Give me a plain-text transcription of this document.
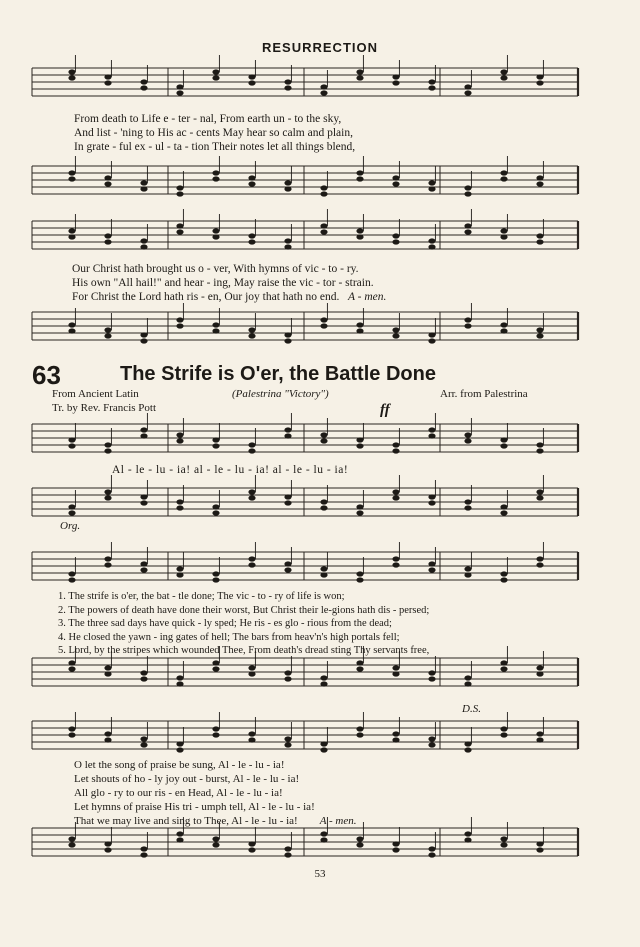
RESURRECTION
From death to Life e - ter - nal, From earth un - to the sky,
And list - 'ning to His ac - cents May hear so calm and plain,
In grate - ful ex - ul - ta - tion Their notes let all things blend,
Our Christ hath brought us o - ver, With hymns of vic - to - ry.
His own "All hail!" and hear - ing, May raise the vic - tor - strain.
For Christ the Lord hath ris - en, Our joy that hath no end. A - men.
63	The Strife is O'er, the Battle Done
From Ancient Latin
Tr. by Rev. Francis Pott
(Palestrina "Victory")
ff
Arr. from Palestrina
Al - le - lu - ia! al - le - lu - ia! al - le - lu - ia!
Org.
1. The strife is o'er, the bat - tle done; The vic - to - ry of life is won;
2. The powers of death have done their worst, But Christ their le-gions hath dis - persed;
3. The three sad days have quick - ly sped; He ris - es glo - rious from the dead;
4. He closed the yawn - ing gates of hell; The bars from heav'n's high portals fell;
5. Lord, by the stripes which wounded Thee, From death's dread sting Thy servants free,
D.S.
O let the song of praise be sung, Al - le - lu - ia!
Let shouts of ho - ly joy out - burst, Al - le - lu - ia!
All glo - ry to our ris - en Head, Al - le - lu - ia!
Let hymns of praise His tri - umph tell, Al - le - lu - ia!
That we may live and sing to Thee, Al - le - lu - ia! A - men.
53
